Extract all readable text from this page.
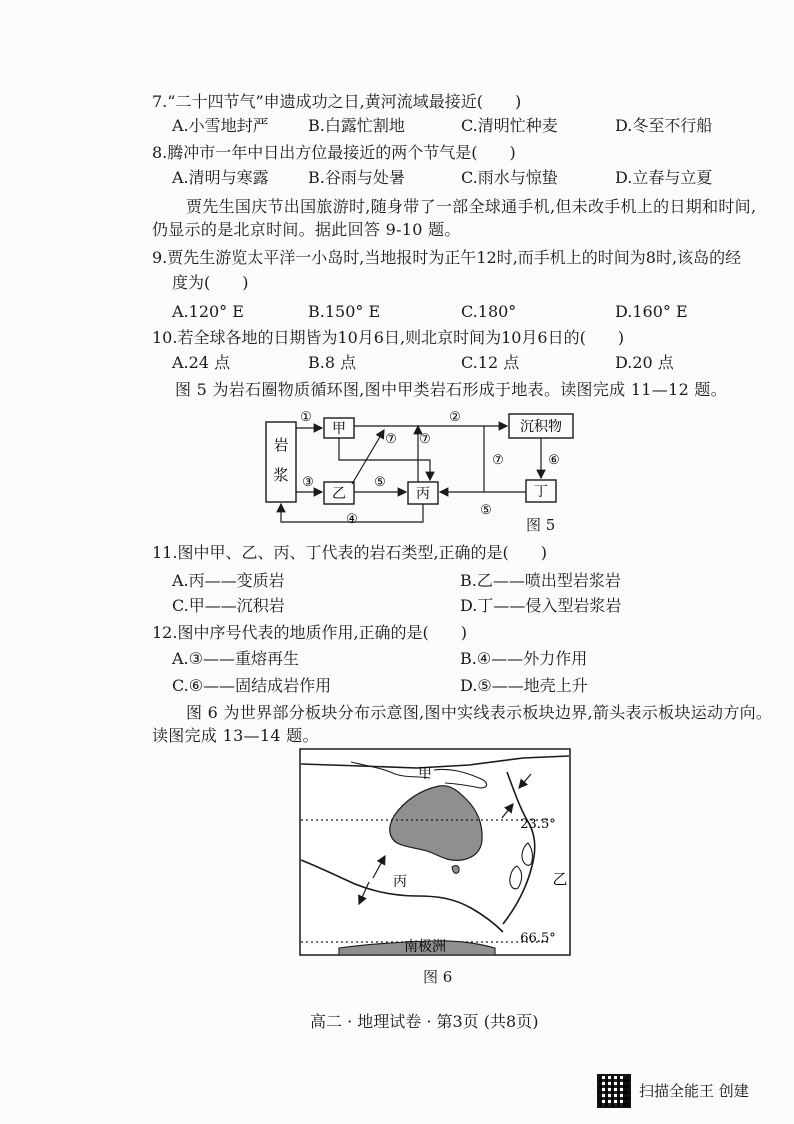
7.“二十四节气”申遗成功之日,黄河流域最接近(　　)
A.小雪地封严 B.白露忙割地	C.清明忙种麦	D.冬至不行船
8.腾冲市一年中日出方位最接近的两个节气是(　　)
A.清明与寒露 B.谷雨与处暑	C.雨水与惊蛰	D.立春与立夏
贾先生国庆节出国旅游时,随身带了一部全球通手机,但未改手机上的日期和时间,
仍显示的是北京时间。据此回答 9-10 题。
9.贾先生游览太平洋一小岛时,当地报时为正午12时,而手机上的时间为8时,该岛的经
度为(　　)
A.120° E	B.150° E	C.180°	D.160° E
10.若全球各地的日期皆为10月6日,则北京时间为10月6日的(　　)
A.24 点	B.8 点	C.12 点	D.20 点
图 5 为岩石圈物质循环图,图中甲类岩石形成于地表。读图完成 11—12 题。
岩
浆
甲	沉积物
乙	丙	丁
①	②
③
④
⑤
⑤
⑥
⑦ ⑦
⑦
图 5
11.图中甲、乙、丙、丁代表的岩石类型,正确的是(　　)
A.丙——变质岩	B.乙——喷出型岩浆岩
C.甲——沉积岩	D.丁——侵入型岩浆岩
12.图中序号代表的地质作用,正确的是(　　)
A.③——重熔再生	B.④——外力作用
C.⑥——固结成岩作用	D.⑤——地壳上升
图 6 为世界部分板块分布示意图,图中实线表示板块边界,箭头表示板块运动方向。
读图完成 13—14 题。
甲
乙
丙
南极洲
23.5°
66.5°
图 6
高二 · 地理试卷 · 第3页 (共8页)
扫描全能王 创建
